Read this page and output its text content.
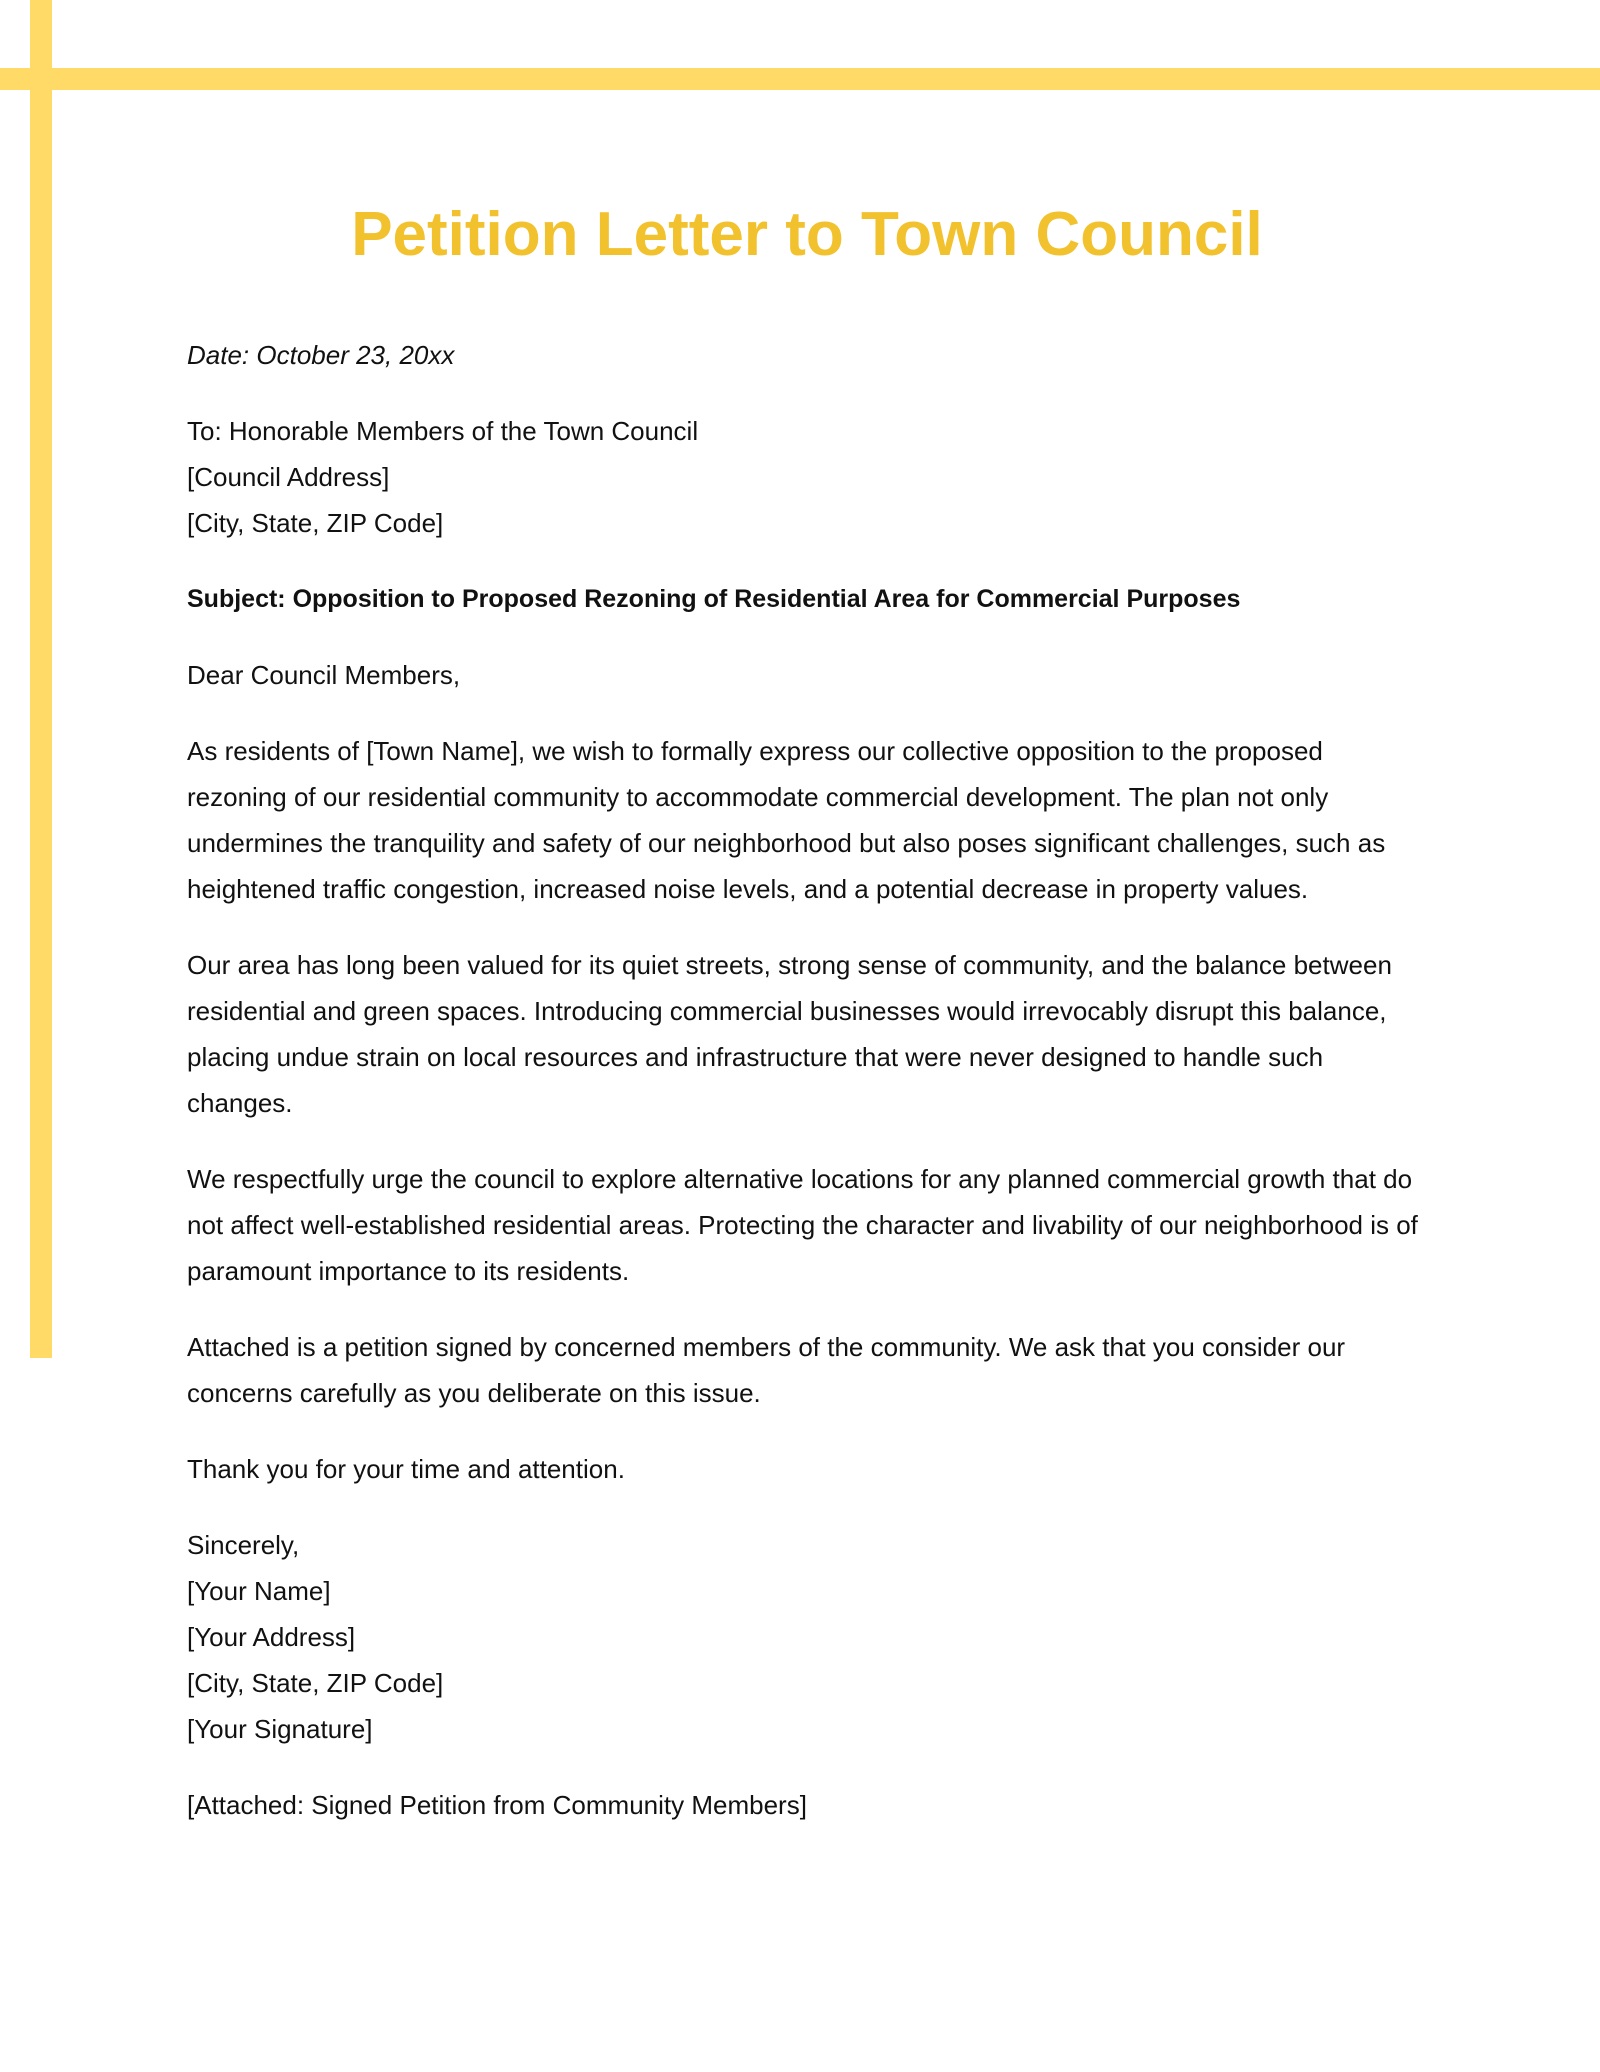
Petition Letter to Town Council
Date: October 23, 20xx
To: Honorable Members of the Town Council
[Council Address]
[City, State, ZIP Code]
Subject: Opposition to Proposed Rezoning of Residential Area for Commercial Purposes
Dear Council Members,

As residents of [Town Name], we wish to formally express our collective opposition to the proposed rezoning of our residential community to accommodate commercial development. The plan not only undermines the tranquility and safety of our neighborhood but also poses significant challenges, such as heightened traffic congestion, increased noise levels, and a potential decrease in property values.

Our area has long been valued for its quiet streets, strong sense of community, and the balance between residential and green spaces. Introducing commercial businesses would irrevocably disrupt this balance, placing undue strain on local resources and infrastructure that were never designed to handle such changes.

We respectfully urge the council to explore alternative locations for any planned commercial growth that do not affect well-established residential areas. Protecting the character and livability of our neighborhood is of paramount importance to its residents.

Attached is a petition signed by concerned members of the community. We ask that you consider our concerns carefully as you deliberate on this issue.

Thank you for your time and attention.
Sincerely,
[Your Name]
[Your Address]
[City, State, ZIP Code]
[Your Signature]
[Attached: Signed Petition from Community Members]
